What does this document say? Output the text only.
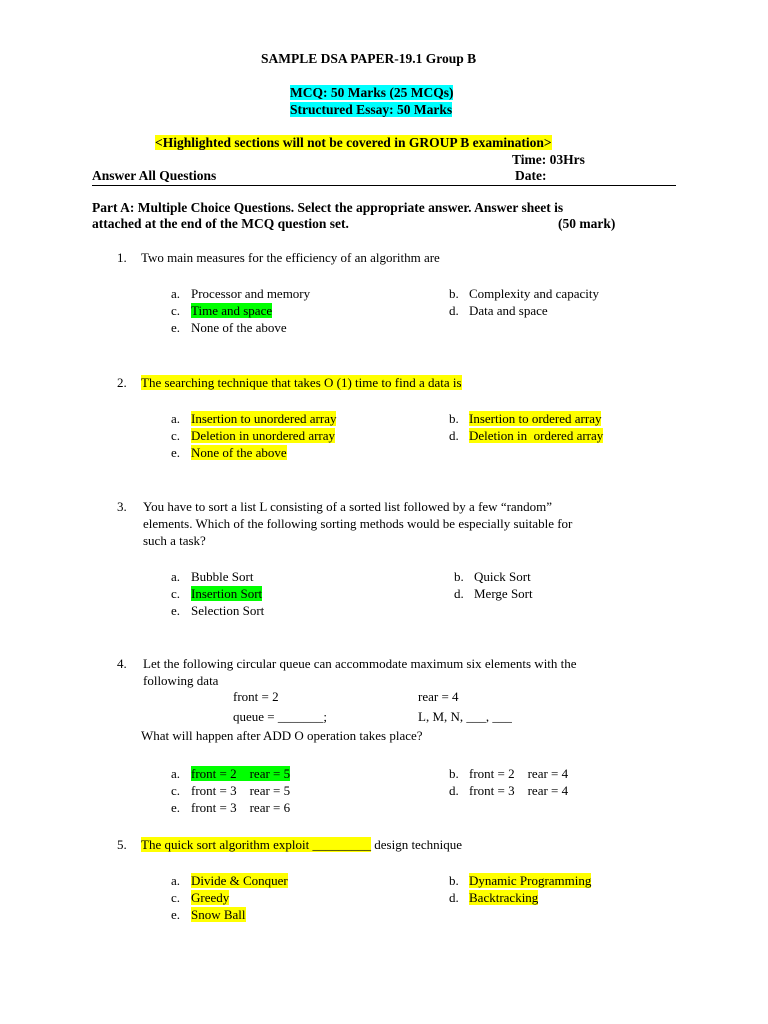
SAMPLE DSA PAPER-19.1 Group B
MCQ: 50 Marks (25 MCQs)
Structured Essay: 50 Marks
<Highlighted sections will not be covered in GROUP B examination>
Time: 03Hrs
Answer All Questions	Date:
Part A: Multiple Choice Questions. Select the appropriate answer. Answer sheet is
attached at the end of the MCQ question set.	(50 mark)
1. Two main measures for the efficiency of an algorithm are
a. Processor and memory	b. Complexity and capacity
c. Time and space	d. Data and space
e. None of the above
2. The searching technique that takes O (1) time to find a data is
a. Insertion to unordered array	b. Insertion to ordered array
c. Deletion in unordered array	d. Deletion in  ordered array
e. None of the above
3. You have to sort a list L consisting of a sorted list followed by a few “random”
elements. Which of the following sorting methods would be especially suitable for
such a task?
a. Bubble Sort	b. Quick Sort
c. Insertion Sort	d. Merge Sort
e. Selection Sort
4. Let the following circular queue can accommodate maximum six elements with the
following data
front = 2	rear = 4
queue = _______;	L, M, N, ___, ___
What will happen after ADD O operation takes place?
a. front = 2    rear = 5	b. front = 2    rear = 4
c. front = 3    rear = 5	d. front = 3    rear = 4
e. front = 3    rear = 6
5. The quick sort algorithm exploit _________ design technique
a. Divide & Conquer	b. Dynamic Programming
c. Greedy	d. Backtracking
e. Snow Ball
